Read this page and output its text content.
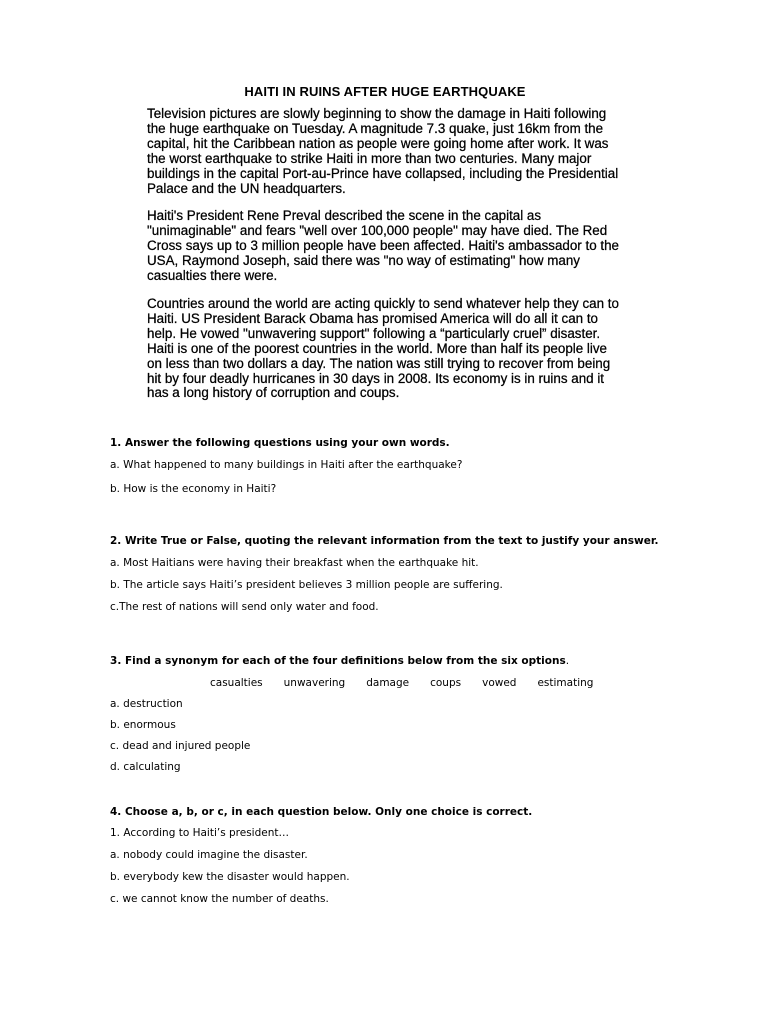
HAITI IN RUINS AFTER HUGE EARTHQUAKE

Television pictures are slowly beginning to show the damage in Haiti following the huge earthquake on Tuesday. A magnitude 7.3 quake, just 16km from the capital, hit the Caribbean nation as people were going home after work. It was the worst earthquake to strike Haiti in more than two centuries. Many major buildings in the capital Port-au-Prince have collapsed, including the Presidential Palace and the UN headquarters.

Haiti's President Rene Preval described the scene in the capital as "unimaginable" and fears "well over 100,000 people" may have died. The Red Cross says up to 3 million people have been affected. Haiti's ambassador to the USA, Raymond Joseph, said there was "no way of estimating" how many casualties there were.

Countries around the world are acting quickly to send whatever help they can to Haiti. US President Barack Obama has promised America will do all it can to help. He vowed "unwavering support" following a “particularly cruel” disaster. Haiti is one of the poorest countries in the world. More than half its people live on less than two dollars a day. The nation was still trying to recover from being hit by four deadly hurricanes in 30 days in 2008. Its economy is in ruins and it has a long history of corruption and coups.

1. Answer the following questions using your own words.
a. What happened to many buildings in Haiti after the earthquake?
b. How is the economy in Haiti?
2. Write True or False, quoting the relevant information from the text to justify your answer.
a. Most Haitians were having their breakfast when the earthquake hit.
b. The article says Haiti’s president believes 3 million people are suffering.
c.The rest of nations will send only water and food.
3. Find a synonym for each of the four definitions below from the six options.
casualties unwavering damage coups vowed estimating
a. destruction
b. enormous
c. dead and injured people
d. calculating
4. Choose a, b, or c, in each question below. Only one choice is correct.
1. According to Haiti’s president…
a. nobody could imagine the disaster.
b. everybody kew the disaster would happen.
c. we cannot know the number of deaths.
